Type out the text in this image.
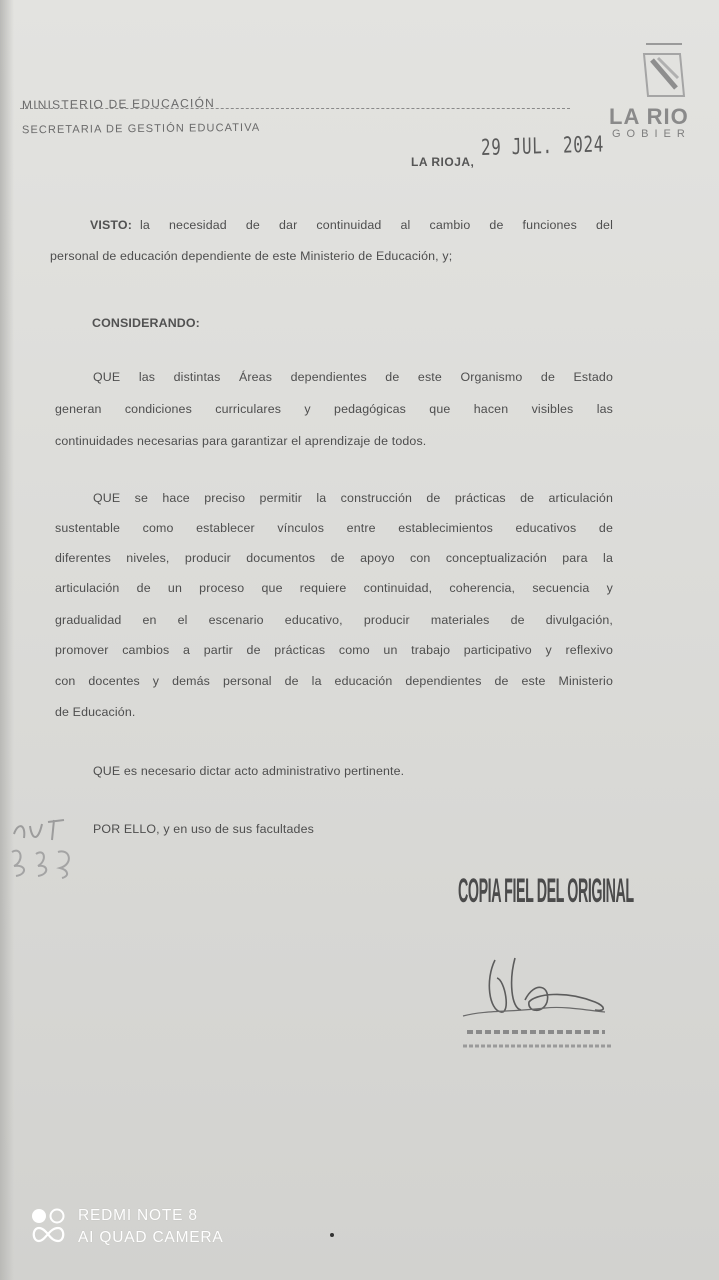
MINISTERIO DE EDUCACIÓN
SECRETARIA DE GESTIÓN EDUCATIVA	LA RIO
GOBIER
LA RIOJA,
29 JUL. 2024
VISTO: la necesidad de dar continuidad al cambio de funciones del
personal de educación dependiente de este Ministerio de Educación, y;
CONSIDERANDO:
QUE las distintas Áreas dependientes de este Organismo de Estado
generan condiciones curriculares y pedagógicas que hacen visibles las
continuidades necesarias para garantizar el aprendizaje de todos.
QUE se hace preciso permitir la construcción de prácticas de articulación
sustentable como establecer vínculos entre establecimientos educativos de
diferentes niveles, producir documentos de apoyo con conceptualización para la
articulación de un proceso que requiere continuidad, coherencia, secuencia y
gradualidad en el escenario educativo, producir materiales de divulgación,
promover cambios a partir de prácticas como un trabajo participativo y reflexivo
con docentes y demás personal de la educación dependientes de este Ministerio
de Educación.
QUE es necesario dictar acto administrativo pertinente.
POR ELLO, y en uso de sus facultades
COPIA FIEL DEL ORIGINAL
REDMI NOTE 8
AI QUAD CAMERA
